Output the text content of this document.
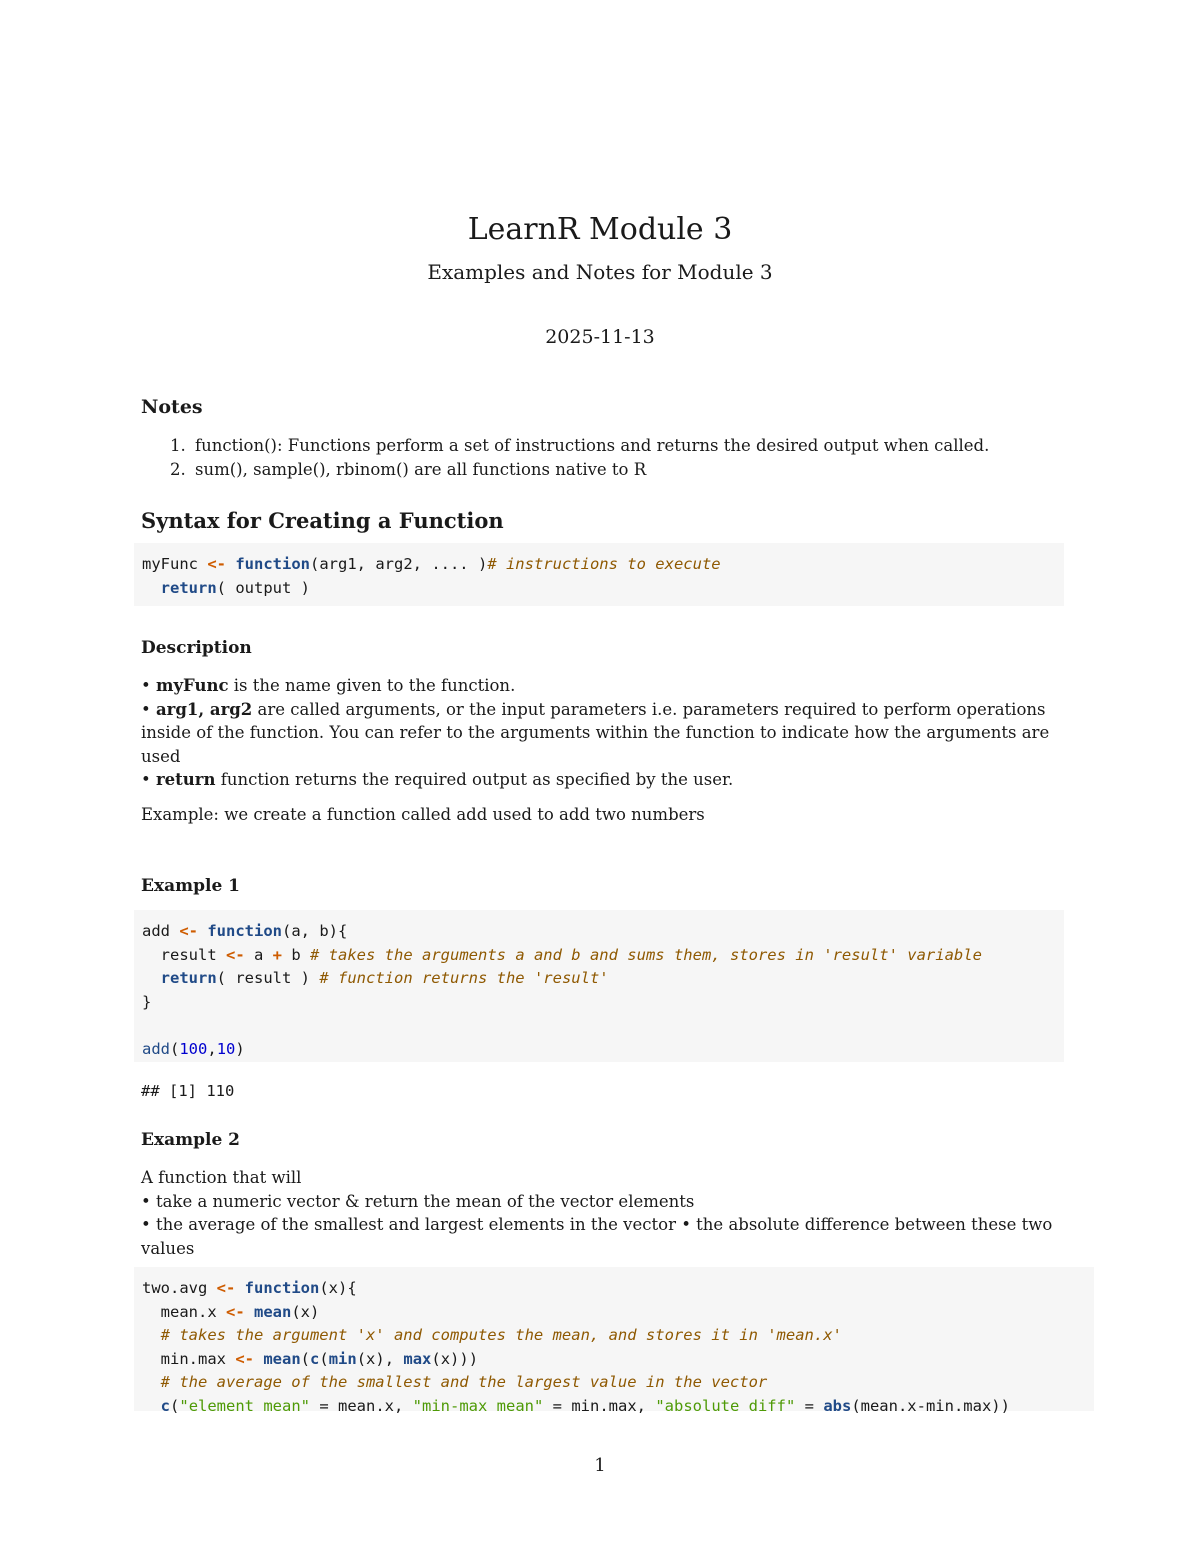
LearnR Module 3
Examples and Notes for Module 3
2025-11-13
Notes
1. function(): Functions perform a set of instructions and returns the desired output when called.
2. sum(), sample(), rbinom() are all functions native to R
Syntax for Creating a Function
myFunc <- function(arg1, arg2, .... )# instructions to execute
return( output )
Description

• myFunc is the name given to the function.

• arg1, arg2 are called arguments, or the input parameters i.e. parameters required to perform operations inside of the function. You can refer to the arguments within the function to indicate how the arguments are used

• return function returns the required output as specified by the user.

Example: we create a function called add used to add two numbers
Example 1
add <- function(a, b){
result <- a + b # takes the arguments a and b and sums them, stores in 'result' variable
return( result ) # function returns the 'result'
}

add(100,10)
## [1] 110
Example 2
A function that will
• take a numeric vector & return the mean of the vector elements
• the average of the smallest and largest elements in the vector • the absolute difference between these two values
two.avg <- function(x){
mean.x <- mean(x)
# takes the argument 'x' and computes the mean, and stores it in 'mean.x'
min.max <- mean(c(min(x), max(x)))
# the average of the smallest and the largest value in the vector
c("element mean" = mean.x, "min-max mean" = min.max, "absolute diff" = abs(mean.x-min.max))
1
